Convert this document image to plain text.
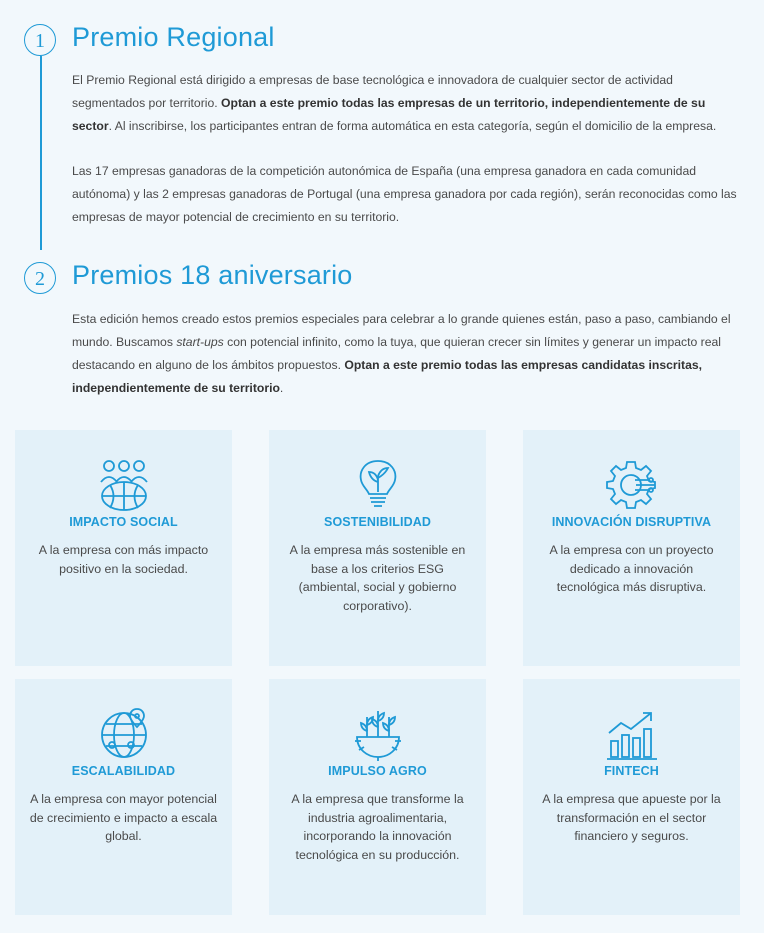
1	Premio Regional

El Premio Regional está dirigido a empresas de base tecnológica e innovadora de cualquier sector de actividad segmentados por territorio. Optan a este premio todas las empresas de un territorio, independientemente de su sector. Al inscribirse, los participantes entran de forma automática en esta categoría, según el domicilio de la empresa.

Las 17 empresas ganadoras de la competición autonómica de España (una empresa ganadora en cada comunidad autónoma) y las 2 empresas ganadoras de Portugal (una empresa ganadora por cada región), serán reconocidas como las empresas de mayor potencial de crecimiento en su territorio.

2	Premios 18 aniversario

Esta edición hemos creado estos premios especiales para celebrar a lo grande quienes están, paso a paso, cambiando el mundo. Buscamos start-ups con potencial infinito, como la tuya, que quieran crecer sin límites y generar un impacto real destacando en alguno de los ámbitos propuestos. Optan a este premio todas las empresas candidatas inscritas, independientemente de su territorio.

IMPACTO SOCIAL
A la empresa con más impacto positivo en la sociedad.
SOSTENIBILIDAD
A la empresa más sostenible en base a los criterios ESG (ambiental, social y gobierno corporativo).
INNOVACIÓN DISRUPTIVA
A la empresa con un proyecto dedicado a innovación tecnológica más disruptiva.
ESCALABILIDAD
A la empresa con mayor potencial de crecimiento e impacto a escala global.
IMPULSO AGRO
A la empresa que transforme la industria agroalimentaria, incorporando la innovación tecnológica en su producción.
FINTECH
A la empresa que apueste por la transformación en el sector financiero y seguros.
